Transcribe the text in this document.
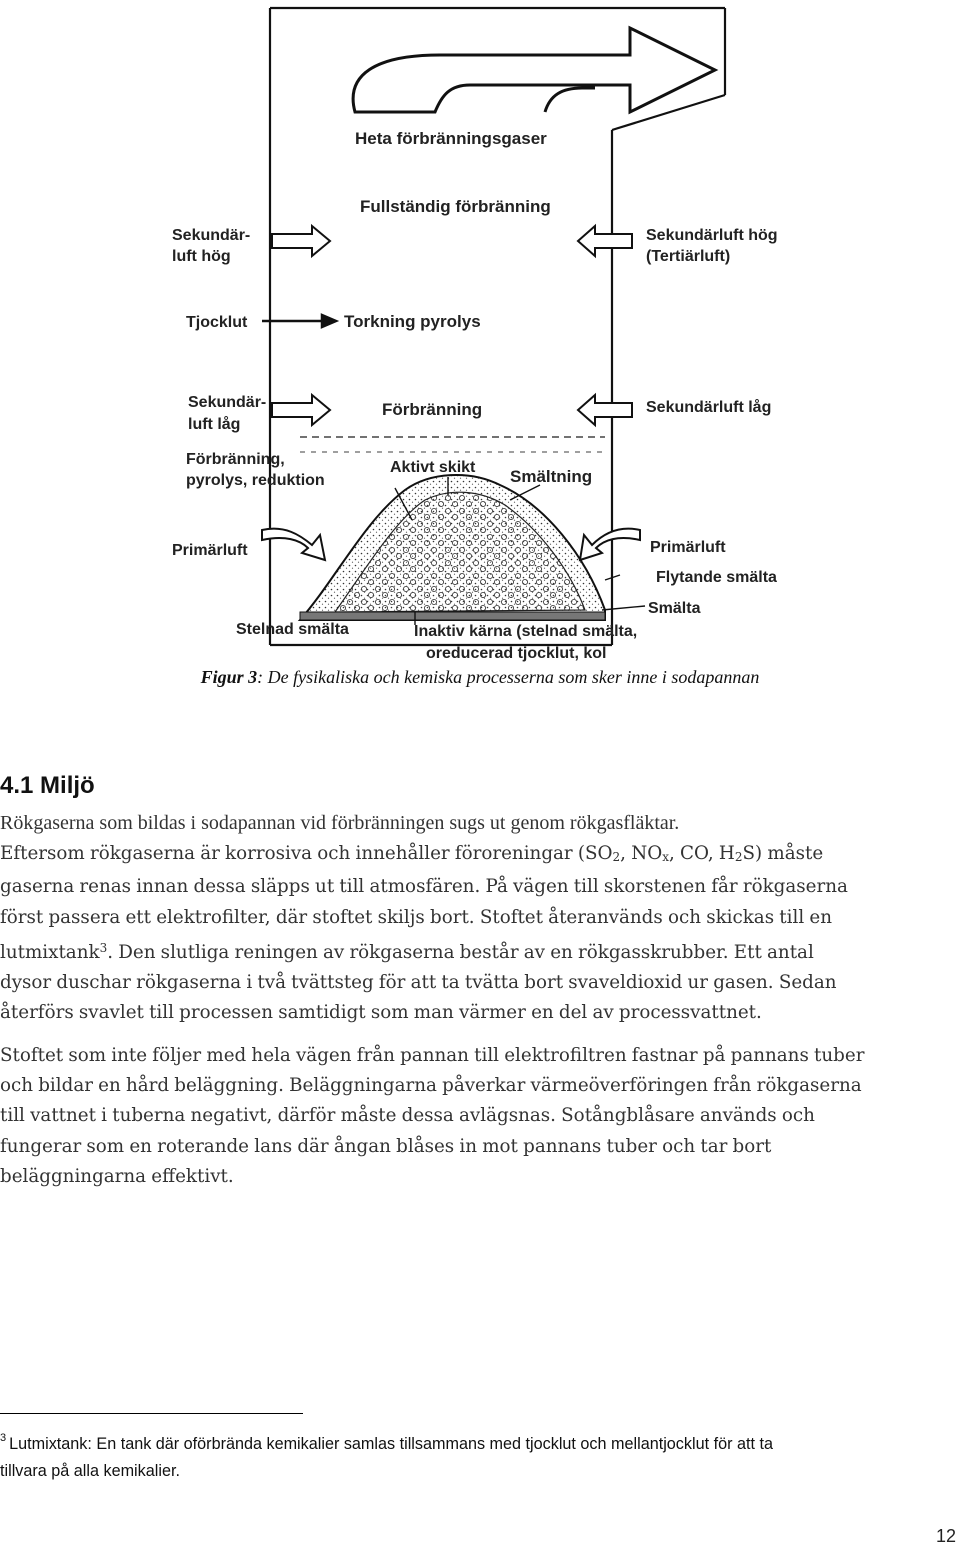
Heta förbränningsgaser
Fullständig förbränning
Sekundär-
luft hög
Sekundärluft hög
(Tertiärluft)
Tjocklut	Torkning pyrolys
Sekundär-
luft låg
Förbränning	Sekundärluft låg
Förbränning,
pyrolys, reduktion
Aktivt skikt Smältning
Primärluft	Primärluft
Flytande smälta
Smälta
Stelnad smälta	Inaktiv kärna (stelnad smälta,
oreducerad tjocklut, kol
Figur 3: De fysikaliska och kemiska processerna som sker inne i sodapannan
4.1 Miljö

Rökgaserna som bildas i sodapannan vid förbränningen sugs ut genom rökgasfläktar.
Eftersom rökgaserna är korrosiva och innehåller föroreningar ($SO_2$, $NO_x$, CO, $H_2S$) måste
gaserna renas innan dessa släpps ut till atmosfären. På vägen till skorstenen får rökgaserna
först passera ett elektrofilter, där stoftet skiljs bort. Stoftet återanvänds och skickas till en
lutmixtank$^3$. Den slutliga reningen av rökgaserna består av en rökgasskrubber. Ett antal
dysor duschar rökgaserna i två tvättsteg för att ta tvätta bort svaveldioxid ur gasen. Sedan
återförs svavlet till processen samtidigt som man värmer en del av processvattnet.

Stoftet som inte följer med hela vägen från pannan till elektrofiltren fastnar på pannans tuber
och bildar en hård beläggning. Beläggningarna påverkar värmeöverföringen från rökgaserna
till vattnet i tuberna negativt, därför måste dessa avlägsnas. Sotångblåsare används och
fungerar som en roterande lans där ångan blåses in mot pannans tuber och tar bort
beläggningarna effektivt.

$^3$ Lutmixtank: En tank där oförbrända kemikalier samlas tillsammans med tjocklut och mellantjocklut för att ta
tillvara på alla kemikalier.
12
